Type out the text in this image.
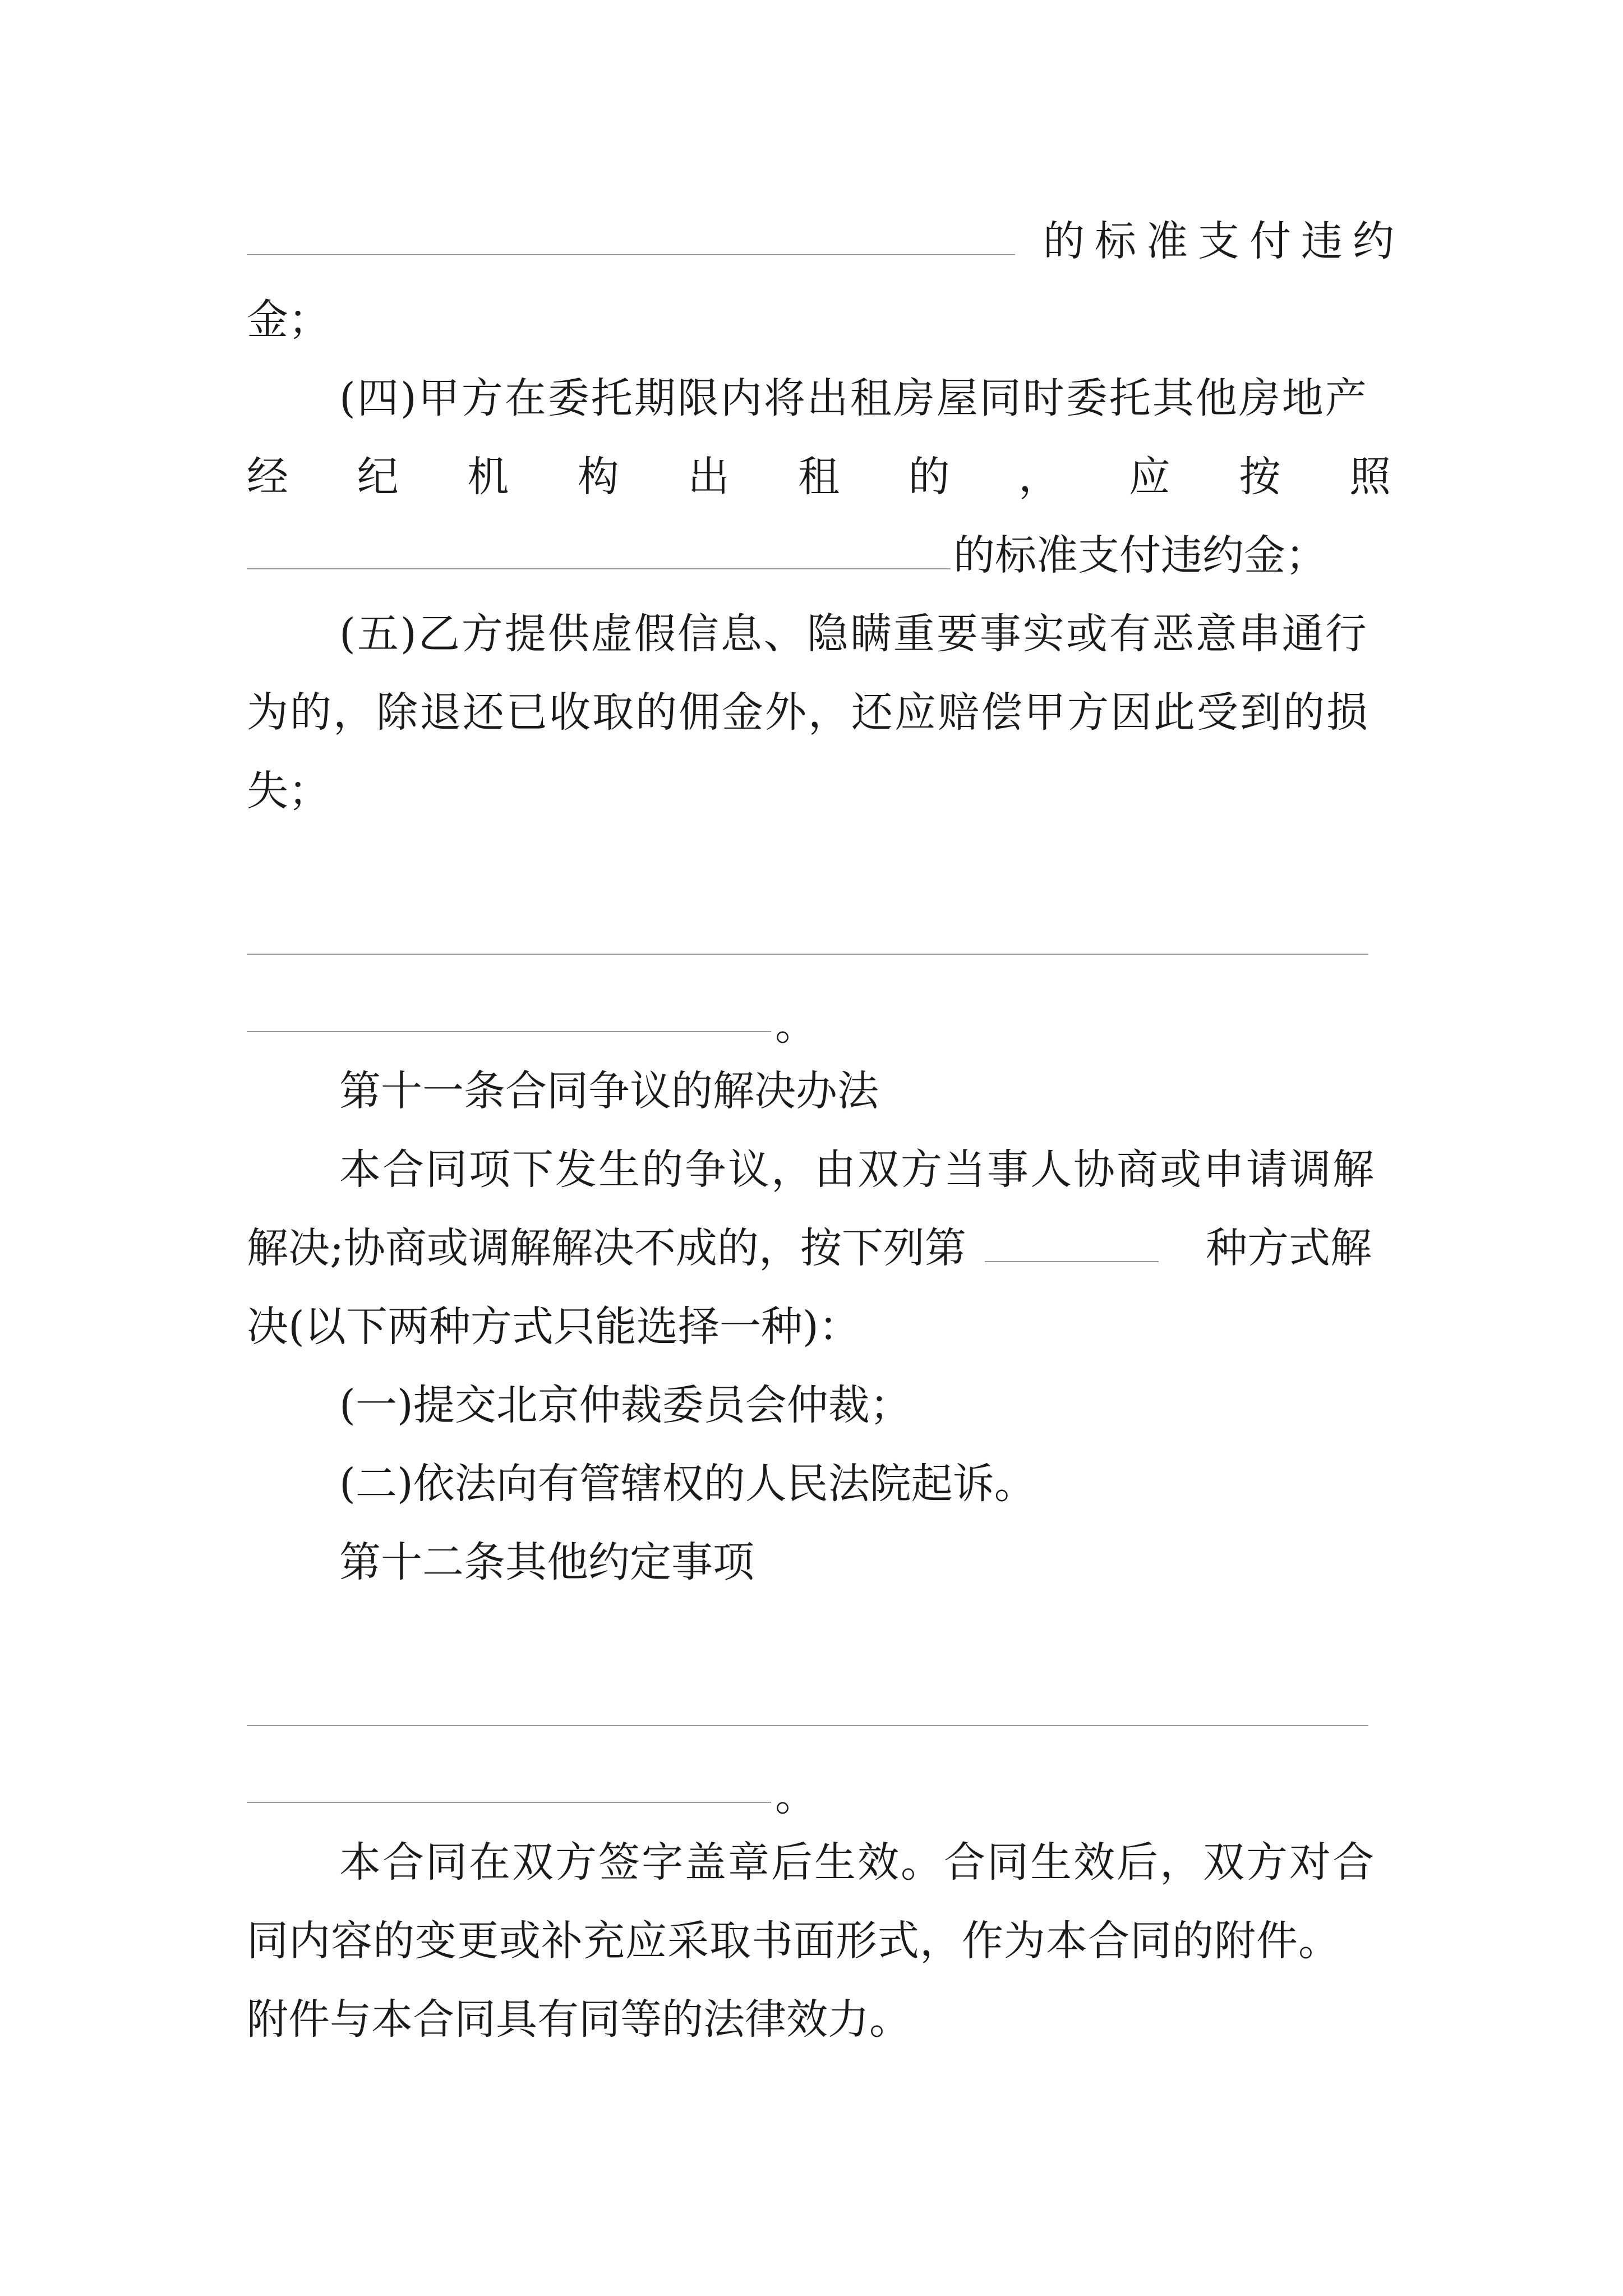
的标准支付违约
金；
(四)甲方在委托期限内将出租房屋同时委托其他房地产
经 纪 机 构 出 租 的 ， 应 按 照
的标准支付违约金；
(五)乙方提供虚假信息、隐瞒重要事实或有恶意串通行
为的，除退还已收取的佣金外，还应赔偿甲方因此受到的损
失；
。
第十一条合同争议的解决办法
本合同项下发生的争议，由双方当事人协商或申请调解
解决;协商或调解解决不成的，按下列第	种方式解
决(以下两种方式只能选择一种)：
(一)提交北京仲裁委员会仲裁；
(二)依法向有管辖权的人民法院起诉。
第十二条其他约定事项
。
本合同在双方签字盖章后生效。合同生效后，双方对合
同内容的变更或补充应采取书面形式，作为本合同的附件。
附件与本合同具有同等的法律效力。
